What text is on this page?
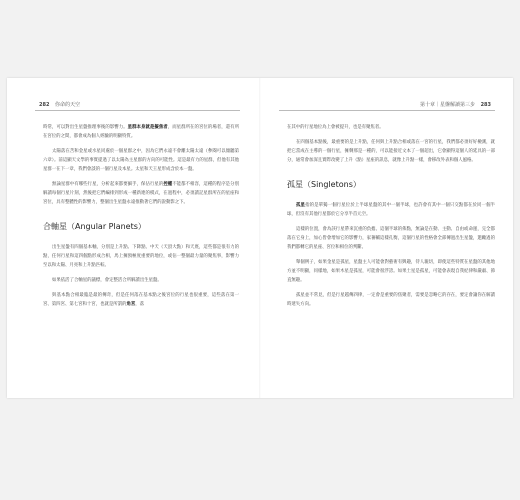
282 你命的天空

時常，可以對出生星盤推理事後的影響力。星群本身就是擬焦者，而星群所在的宮位的場者，還有所在宮位的之間，都會成為個人經驗的明顯特質。

太陽落在苦和金星或水星同處於一個星群之中，因為它們永遠不會離太陽太遠（參閱可以傾聽第六章）。前這顯天文學的事實提過了以太陽為主星群的方向的可能性。這是最有力的星群，但他有其他星群一在下一章，我們會談的一個行星及本星。太星和天王星形成含於本一盤。

無論星群中有哪些行星，分析起來都要細手，保佔行星的控權不能都不相容，這種的程序是分別解讀每個行星片刻，然後把它們編排到形成一種新連的模式，在過程中，必須讀記星群所在的星座和宮位，具有整體性的影響力，整個出生星盤永遠推動著它們的說動影之下。

合軸星（Angular Planets）

出生星盤有四個基本軸，分別是上升點、下降點、中天（天頂大點）和天底，這些都是很有力的點，任何行星和這四個點形成合相，馬上擁預極度重要的地位，或佔一整個最力量的聚焦事，影響力至以和太陽、月亮和上升點匹較。

如果依活了合軸星的議標，會定整活合所解讀出生星盤。

與基本點合相最臨是最的傳奇，但是任何落在基本點之後宮位的行星也很重要，這些落在第一宮、第四宮、第七宮和十宮，也就是所謂的角宮，落

第十章｜星盤解讀第三步 283

在其中的行星地位為上會被提升，也是有聚焦者。

在四個基本點後，最重要的是上升點，任何與上升點合相或落在一宮的行星，我們都必須好好檢測，就把它當成在主導的一個行星，擁剩那是一種的，可以能接近文本了一個超出，它會顯得這個人的延具的一部分，通常會加深且實際改變了上升（點）星座的訊息，就像上升點一樣，會移改外表和個人風格。

孤星（Singletons）

孤星指的是單獨一個行星位於上半球星盤的其中一個半球，也許會有其中一個只交點都在於同一個半球，但沒有其他行星都於它分享半首元空。

這樣的位置，會為該行星帶來沉重的負擔。這個半球的佈點，無論是在動、主動、自由或命運，完全都落在它身上，加心皆會增加它的影響力，家蕃輔這樣孔衡，這個行星的性格會全部傳過出生星盤，邀勵過的我們都轉它的星座、宮位和相位的判斷。

舉個例子，如果金星是孤星，星盤主人可能會對藝術有興趣，待人親切，即使這些特質在星盤的其他地方並不明顯，同樣地，如果木星是孤星，可能會很浮誇。如果土星是孤星，可能會表現自我紀律和嚴肅、節直無趣。

孤星並不常見，但是行星越傳四律，一定會是重要的焦聚者，需要是忽略它的存在，要定會讓你在解讀時迷失方向。
